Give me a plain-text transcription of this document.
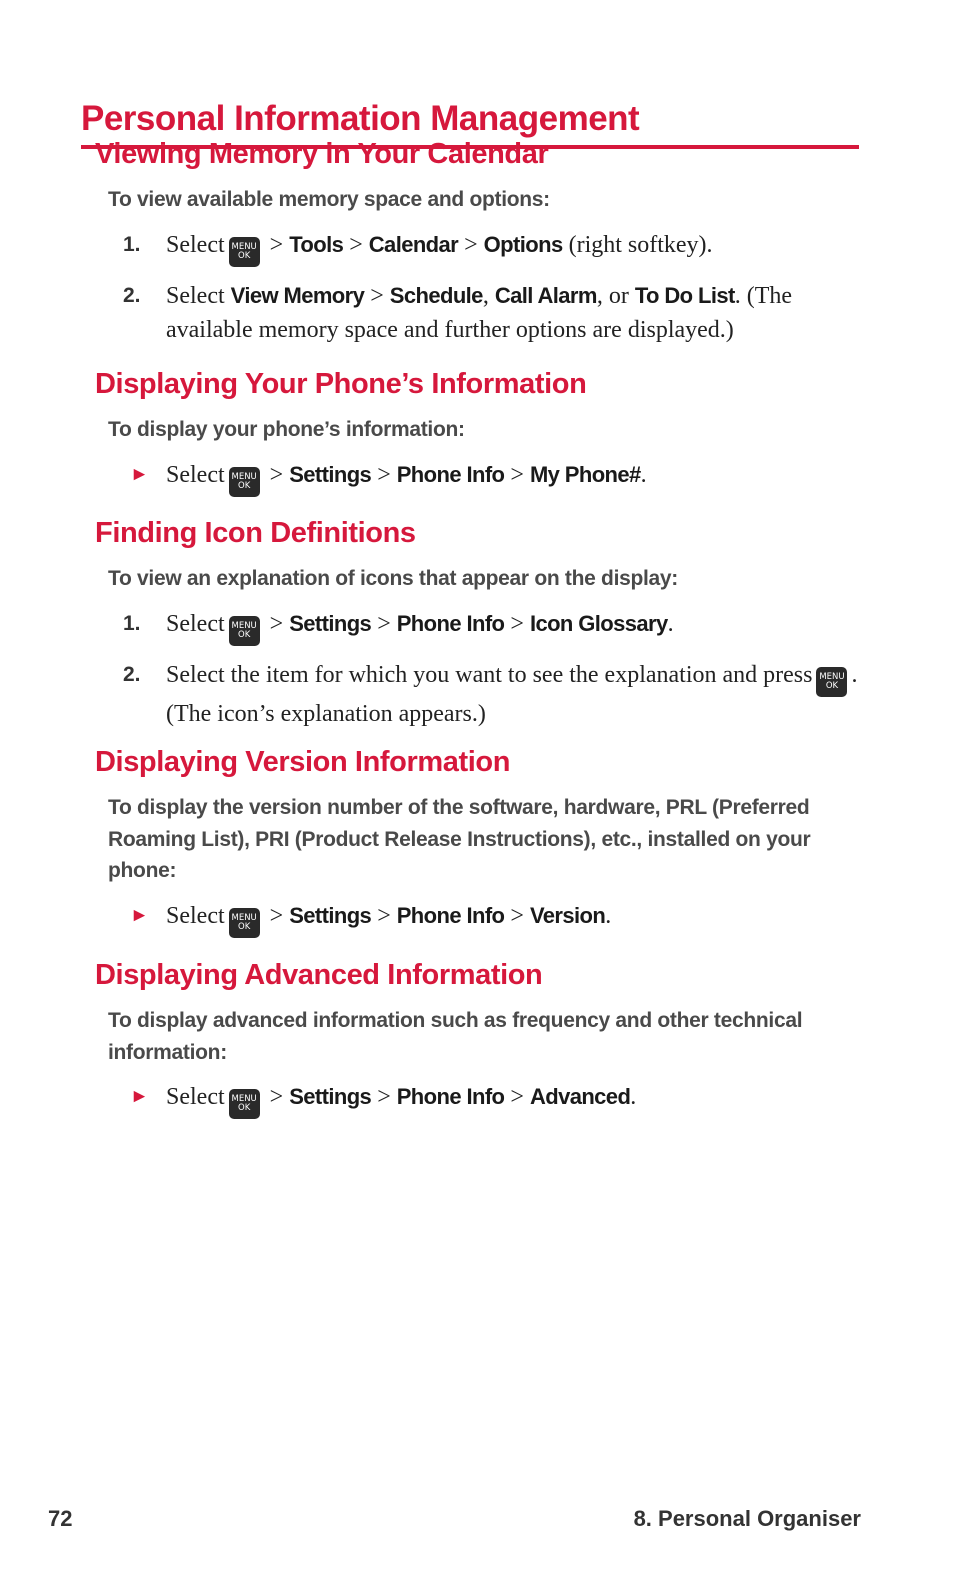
Personal Information Management
Viewing Memory in Your Calendar
To view available memory space and options:
1. Select MENU
OK > Tools > Calendar > Options (right softkey).
2. Select View Memory > Schedule, Call Alarm, or To Do List. (The available memory space and further options are displayed.)
Displaying Your Phone’s Information
To display your phone’s information:
► Select MENU
OK > Settings > Phone Info > My Phone#.
Finding Icon Definitions
To view an explanation of icons that appear on the display:
1. Select MENU
OK > Settings > Phone Info > Icon Glossary.
2. Select the item for which you want to see the explanation and press MENU
OK . (The icon’s explanation appears.)
Displaying Version Information
To display the version number of the software, hardware, PRL (Preferred Roaming List), PRI (Product Release Instructions), etc., installed on your phone:
► Select MENU
OK > Settings > Phone Info > Version.
Displaying Advanced Information
To display advanced information such as frequency and other technical information:
► Select MENU
OK > Settings > Phone Info > Advanced.
72	8. Personal Organiser
